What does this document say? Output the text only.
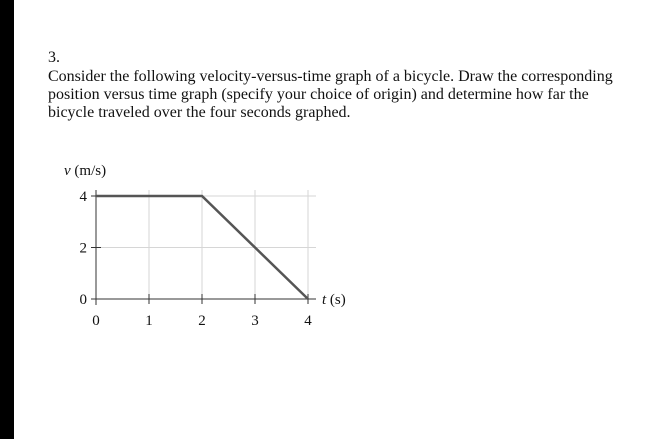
3.
Consider the following velocity-versus-time graph of a bicycle. Draw the corresponding
position versus time graph (specify your choice of origin) and determine how far the
bicycle traveled over the four seconds graphed.
0
2
4
0	1	2	3	4
v (m/s)
t (s)
